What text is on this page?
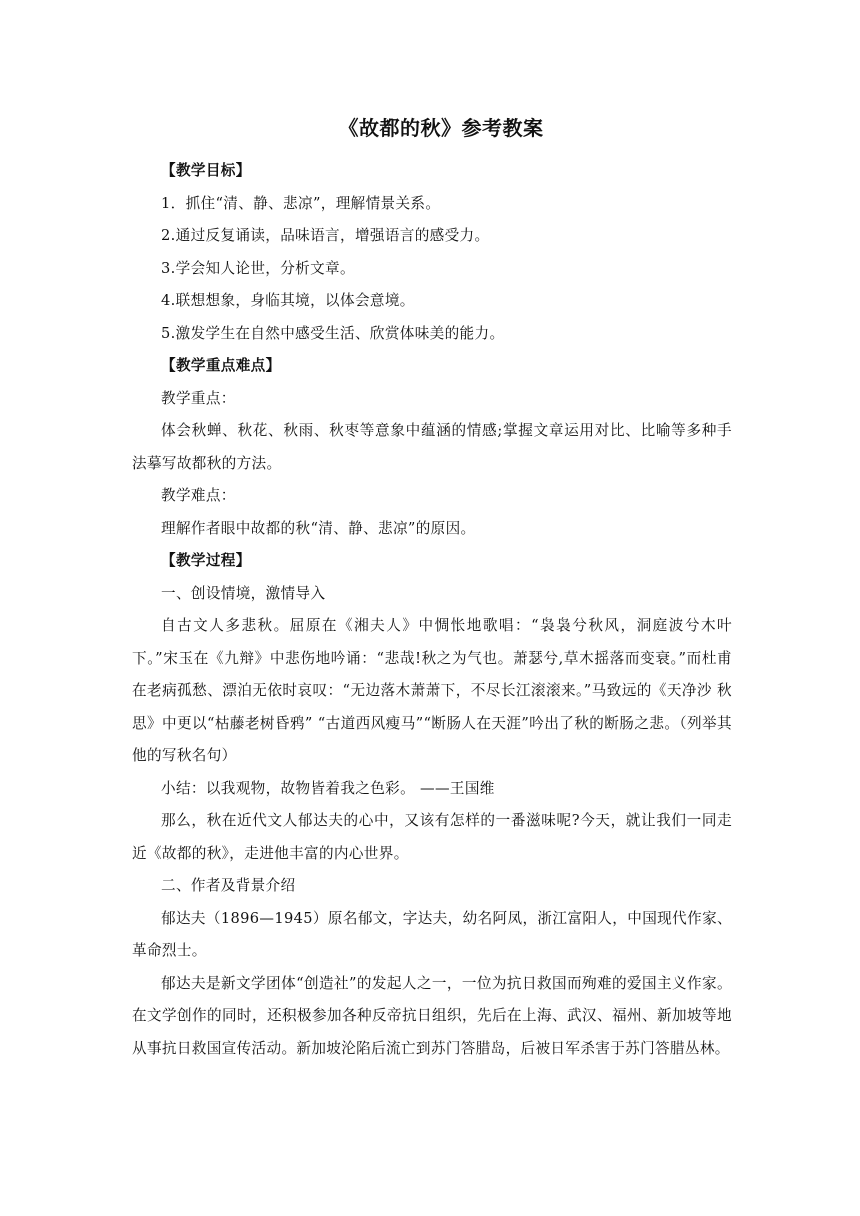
《故都的秋》参考教案

【教学目标】

1．抓住“清、静、悲凉”，理解情景关系。

2.通过反复诵读，品味语言，增强语言的感受力。

3.学会知人论世，分析文章。

4.联想想象，身临其境，以体会意境。

5.激发学生在自然中感受生活、欣赏体味美的能力。

【教学重点难点】

教学重点：

体会秋蝉、秋花、秋雨、秋枣等意象中蕴涵的情感;掌握文章运用对比、比喻等多种手法摹写故都秋的方法。

教学难点：

理解作者眼中故都的秋“清、静、悲凉”的原因。

【教学过程】

一、创设情境，激情导入

自古文人多悲秋。屈原在《湘夫人》中惆怅地歌唱：“袅袅兮秋风，洞庭波兮木叶下。”宋玉在《九辩》中悲伤地吟诵：“悲哉!秋之为气也。萧瑟兮,草木摇落而变衰。”而杜甫在老病孤愁、漂泊无依时哀叹：“无边落木萧萧下，不尽长江滚滚来。”马致远的《天净沙 秋思》中更以“枯藤老树昏鸦” “古道西风瘦马”“断肠人在天涯”吟出了秋的断肠之悲。（列举其他的写秋名句）

小结：以我观物，故物皆着我之色彩。 ——王国维

那么，秋在近代文人郁达夫的心中，又该有怎样的一番滋味呢?今天，就让我们一同走近《故都的秋》，走进他丰富的内心世界。

二、作者及背景介绍

郁达夫（1896—1945）原名郁文，字达夫，幼名阿凤，浙江富阳人，中国现代作家、革命烈士。

郁达夫是新文学团体“创造社”的发起人之一，一位为抗日救国而殉难的爱国主义作家。在文学创作的同时，还积极参加各种反帝抗日组织，先后在上海、武汉、福州、新加坡等地从事抗日救国宣传活动。新加坡沦陷后流亡到苏门答腊岛，后被日军杀害于苏门答腊丛林。
